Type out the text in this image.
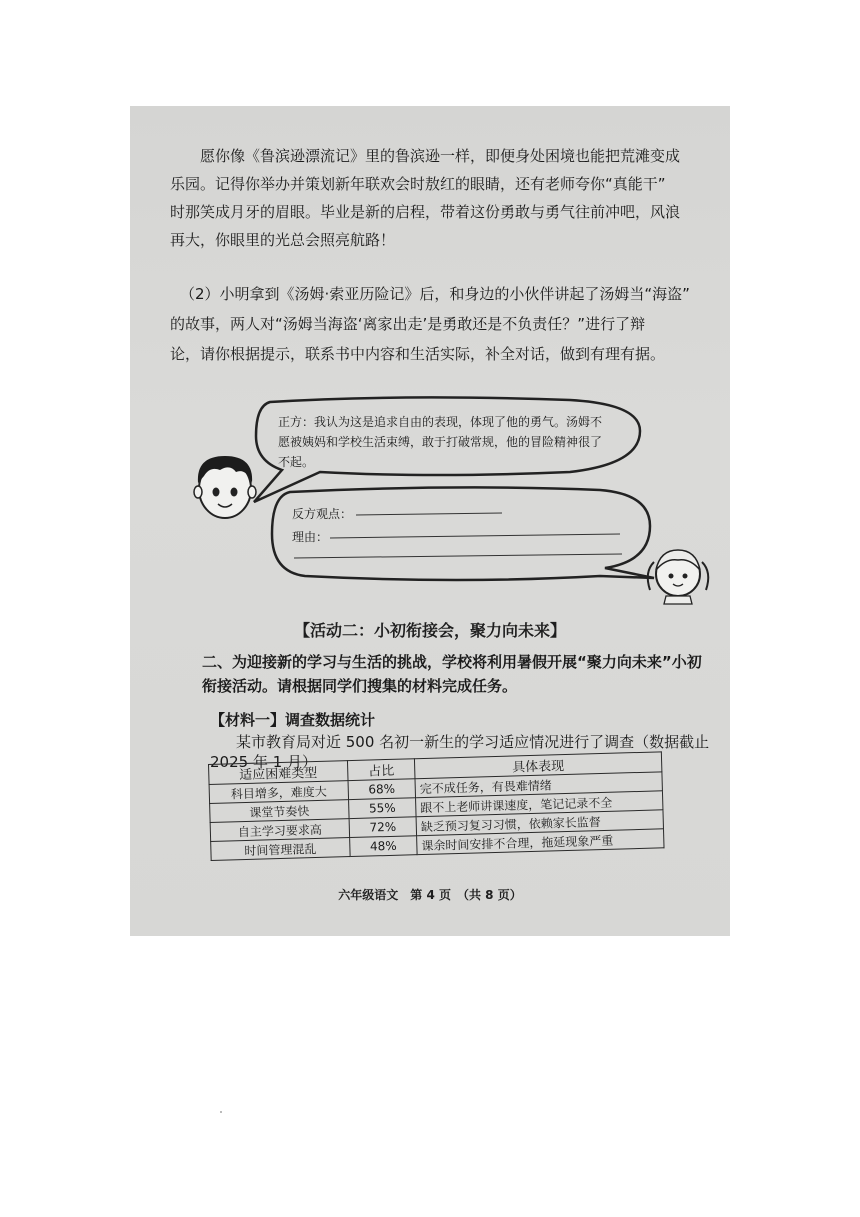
愿你像《鲁滨逊漂流记》里的鲁滨逊一样，即便身处困境也能把荒滩变成
乐园。记得你举办并策划新年联欢会时敖红的眼睛，还有老师夸你“真能干”
时那笑成月牙的眉眼。毕业是新的启程，带着这份勇敢与勇气往前冲吧，风浪
再大，你眼里的光总会照亮航路！
（2）小明拿到《汤姆·索亚历险记》后，和身边的小伙伴讲起了汤姆当“海盗”
的故事，两人对“汤姆当海盗‘离家出走’是勇敢还是不负责任？”进行了辩
论，请你根据提示，联系书中内容和生活实际，补全对话，做到有理有据。
正方：我认为这是追求自由的表现，体现了他的勇气。汤姆不
愿被姨妈和学校生活束缚，敢于打破常规，他的冒险精神很了
不起。
反方观点：
理由：
【活动二：小初衔接会，聚力向未来】
二、为迎接新的学习与生活的挑战，学校将利用暑假开展“聚力向未来”小初
衔接活动。请根据同学们搜集的材料完成任务。
【材料一】调查数据统计
某市教育局对近 500 名初一新生的学习适应情况进行了调查（数据截止
2025 年 1 月）
适应困难类型	占比	具体表现
科目增多，难度大	68%	完不成任务，有畏难情绪
课堂节奏快	55%	跟不上老师讲课速度，笔记记录不全
自主学习要求高	72%	缺乏预习复习习惯，依赖家长监督
时间管理混乱	48%	课余时间安排不合理，拖延现象严重
六年级语文　第 4 页　（共 8 页）
